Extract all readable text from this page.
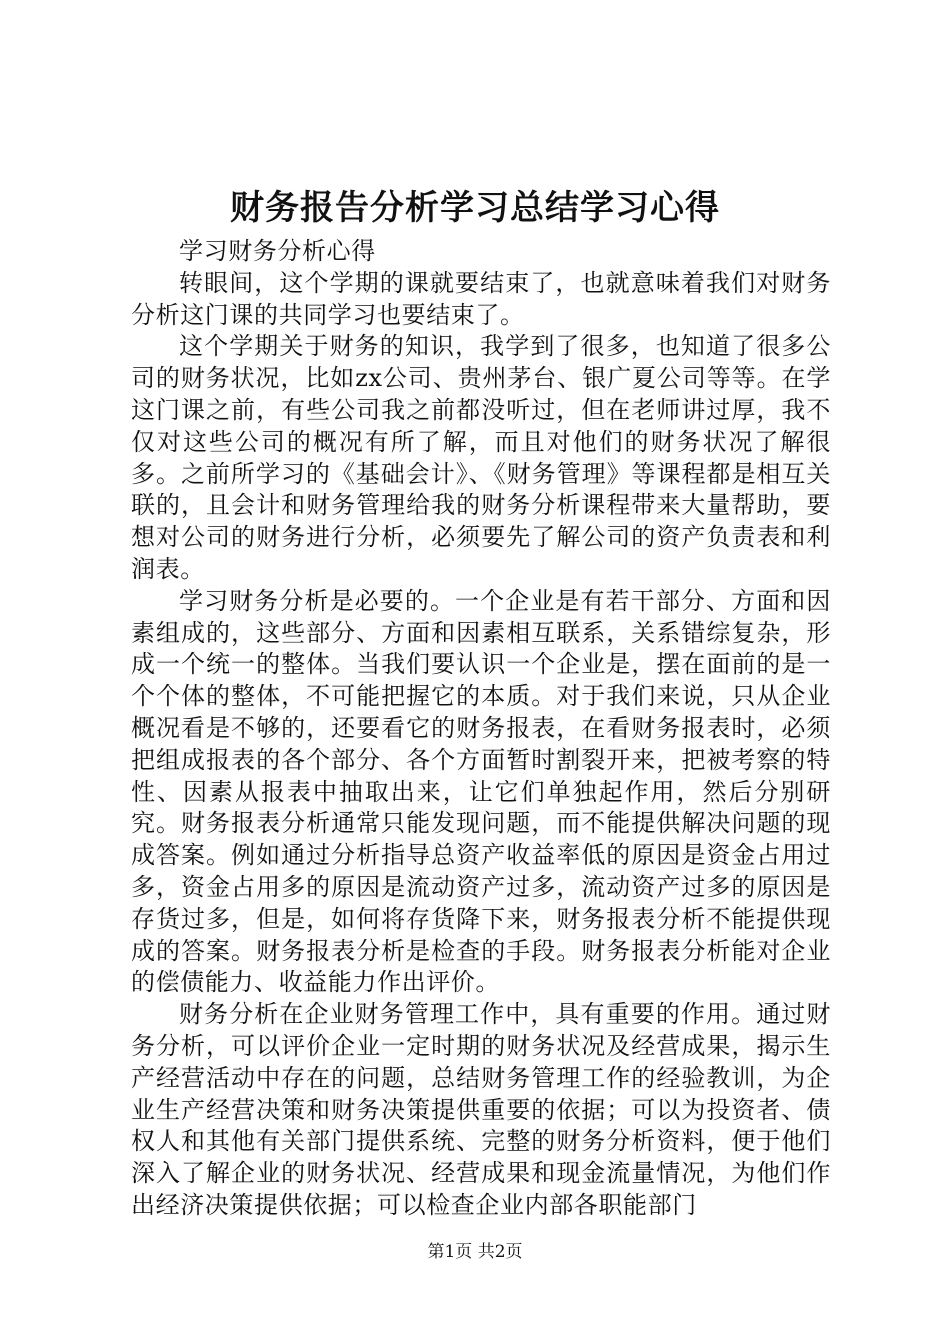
财务报告分析学习总结学习心得

学习财务分析心得

转眼间，这个学期的课就要结束了，也就意味着我们对财务分析这门课的共同学习也要结束了。

这个学期关于财务的知识，我学到了很多，也知道了很多公司的财务状况，比如zx公司、贵州茅台、银广夏公司等等。在学这门课之前，有些公司我之前都没听过，但在老师讲过厚，我不仅对这些公司的概况有所了解，而且对他们的财务状况了解很多。之前所学习的《基础会计》、《财务管理》等课程都是相互关联的，且会计和财务管理给我的财务分析课程带来大量帮助，要想对公司的财务进行分析，必须要先了解公司的资产负责表和利润表。

学习财务分析是必要的。一个企业是有若干部分、方面和因素组成的，这些部分、方面和因素相互联系，关系错综复杂，形成一个统一的整体。当我们要认识一个企业是，摆在面前的是一个个体的整体，不可能把握它的本质。对于我们来说，只从企业概况看是不够的，还要看它的财务报表，在看财务报表时，必须把组成报表的各个部分、各个方面暂时割裂开来，把被考察的特性、因素从报表中抽取出来，让它们单独起作用，然后分别研究。财务报表分析通常只能发现问题，而不能提供解决问题的现成答案。例如通过分析指导总资产收益率低的原因是资金占用过多，资金占用多的原因是流动资产过多，流动资产过多的原因是存货过多，但是，如何将存货降下来，财务报表分析不能提供现成的答案。财务报表分析是检查的手段。财务报表分析能对企业的偿债能力、收益能力作出评价。

财务分析在企业财务管理工作中，具有重要的作用。通过财务分析，可以评价企业一定时期的财务状况及经营成果，揭示生产经营活动中存在的问题，总结财务管理工作的经验教训，为企业生产经营决策和财务决策提供重要的依据；可以为投资者、债权人和其他有关部门提供系统、完整的财务分析资料，便于他们深入了解企业的财务状况、经营成果和现金流量情况，为他们作出经济决策提供依据；可以检查企业内部各职能部门

第1页 共2页
